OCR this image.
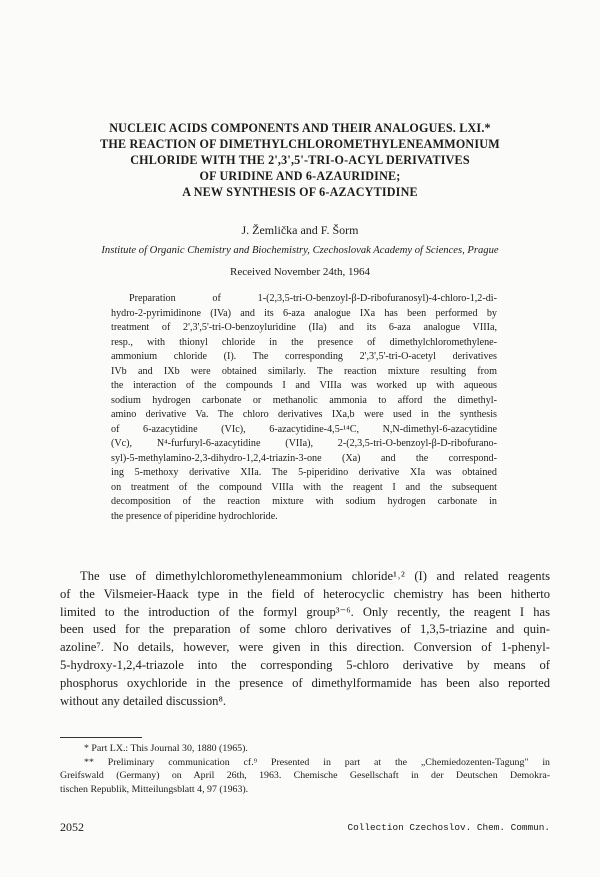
NUCLEIC ACIDS COMPONENTS AND THEIR ANALOGUES. LXI.*
THE REACTION OF DIMETHYLCHLOROMETHYLENEAMMONIUM
CHLORIDE WITH THE 2',3',5'-TRI-O-ACYL DERIVATIVES
OF URIDINE AND 6-AZAURIDINE;
A NEW SYNTHESIS OF 6-AZACYTIDINE
J. Žemlička and F. Šorm
Institute of Organic Chemistry and Biochemistry, Czechoslovak Academy of Sciences, Prague
Received November 24th, 1964
Preparation of 1-(2,3,5-tri-O-benzoyl-β-D-ribofuranosyl)-4-chloro-1,2-di-
hydro-2-pyrimidinone (IVa) and its 6-aza analogue IXa has been performed by
treatment of 2',3',5'-tri-O-benzoyluridine (IIa) and its 6-aza analogue VIIIa,
resp., with thionyl chloride in the presence of dimethylchloromethylene-
ammonium chloride (I). The corresponding 2',3',5'-tri-O-acetyl derivatives
IVb and IXb were obtained similarly. The reaction mixture resulting from
the interaction of the compounds I and VIIIa was worked up with aqueous
sodium hydrogen carbonate or methanolic ammonia to afford the dimethyl-
amino derivative Va. The chloro derivatives IXa,b were used in the synthesis
of 6-azacytidine (VIc), 6-azacytidine-4,5-¹⁴C, N,N-dimethyl-6-azacytidine
(Vc), N⁴-furfuryl-6-azacytidine (VIIa), 2-(2,3,5-tri-O-benzoyl-β-D-ribofurano-
syl)-5-methylamino-2,3-dihydro-1,2,4-triazin-3-one (Xa) and the correspond-
ing 5-methoxy derivative XIIa. The 5-piperidino derivative XIa was obtained
on treatment of the compound VIIIa with the reagent I and the subsequent
decomposition of the reaction mixture with sodium hydrogen carbonate in
the presence of piperidine hydrochloride.
The use of dimethylchloromethyleneammonium chloride¹˒² (I) and related reagents
of the Vilsmeier-Haack type in the field of heterocyclic chemistry has been hitherto
limited to the introduction of the formyl group³⁻⁶. Only recently, the reagent I has
been used for the preparation of some chloro derivatives of 1,3,5-triazine and quin-
azoline⁷. No details, however, were given in this direction. Conversion of 1-phenyl-
5-hydroxy-1,2,4-triazole into the corresponding 5-chloro derivative by means of
phosphorus oxychloride in the presence of dimethylformamide has been also reported
without any detailed discussion⁸.
* Part LX.: This Journal 30, 1880 (1965).
** Preliminary communication cf.⁹ Presented in part at the „Chemiedozenten-Tagung" in
Greifswald (Germany) on April 26th, 1963. Chemische Gesellschaft in der Deutschen Demokra-
tischen Republik, Mitteilungsblatt 4, 97 (1963).
2052	Collection Czechoslov. Chem. Commun.
